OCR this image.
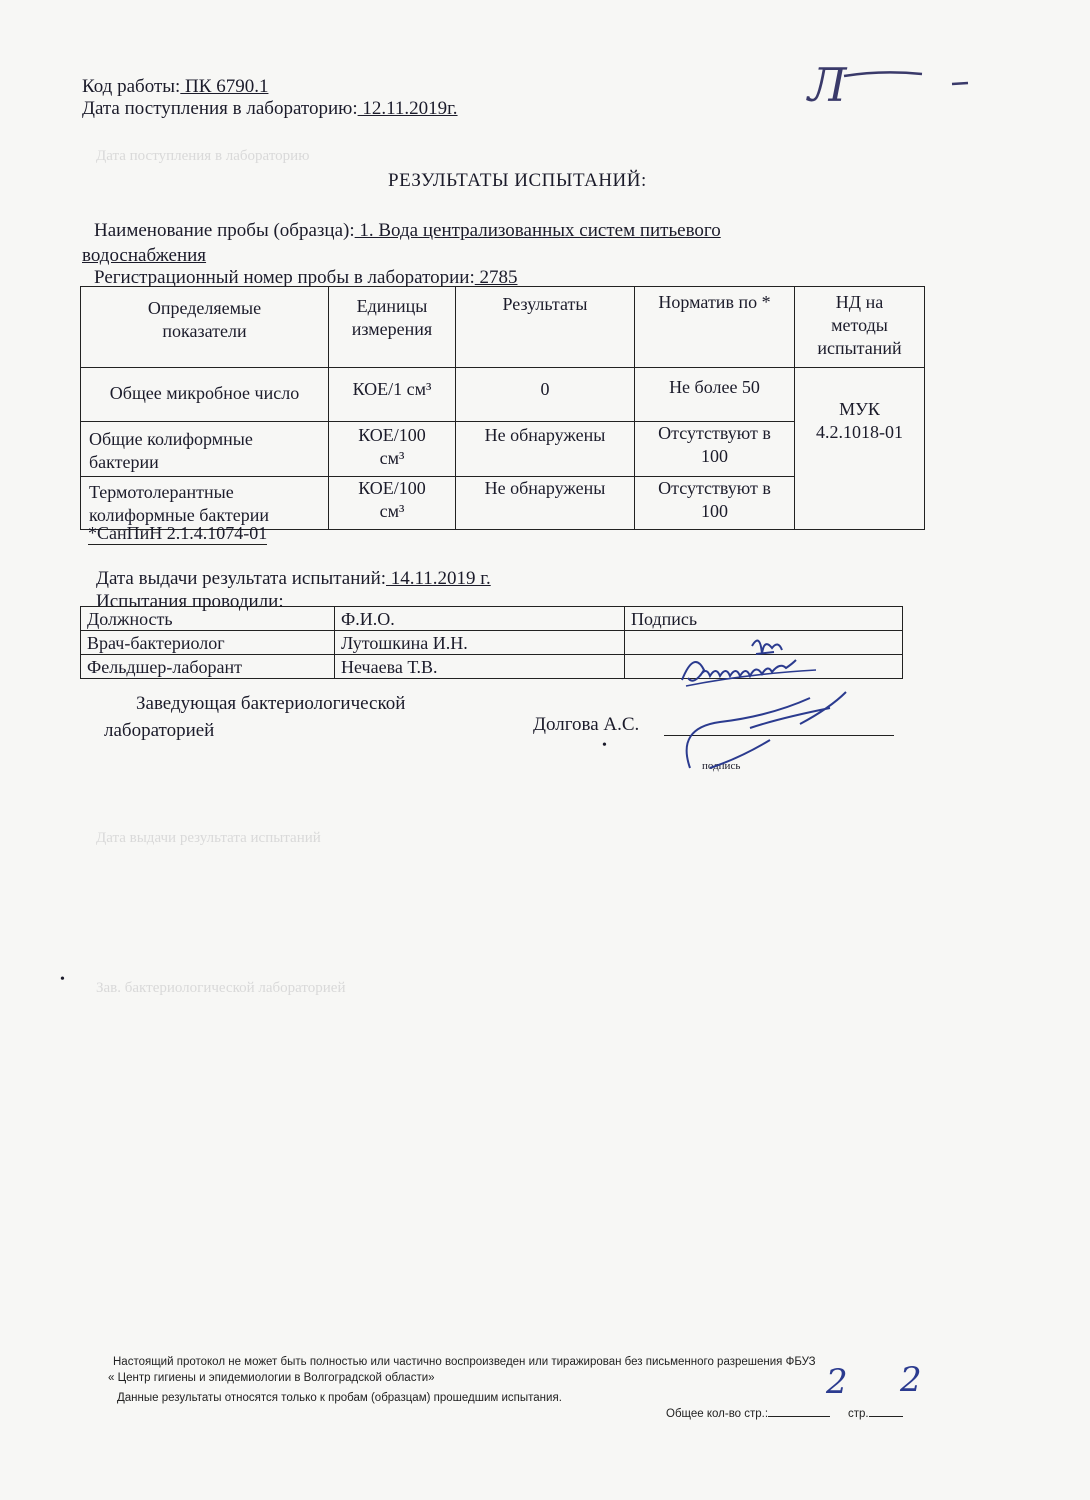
Дата поступления в лабораторию
Дата выдачи результата испытаний
Зав. бактериологической лабораторией
Л
Код работы: ПК 6790.1
Дата поступления в лабораторию: 12.11.2019г.
РЕЗУЛЬТАТЫ ИСПЫТАНИЙ:
Наименование пробы (образца): 1. Вода централизованных систем питьевого
водоснабжения
Регистрационный номер пробы в лаборатории: 2785
Определяемые показатели	Единицы измерения	Результаты	Норматив по *	НД на методы испытаний
Общее микробное число	КОЕ/1 см³	0	Не более 50	МУК 4.2.1018-01
Общие колиформные бактерии	КОЕ/100 см³	Не обнаружены	Отсутствуют в 100	
Термотолерантные колиформные бактерии	КОЕ/100 см³	Не обнаружены	Отсутствуют в 100	
*СанПиН 2.1.4.1074-01
Дата выдачи результата испытаний: 14.11.2019 г.
Испытания проводили:
Должность	Ф.И.О.	Подпись
Врач-бактериолог	Лутошкина И.Н.	
Фельдшер-лаборант	Нечаева Т.В.	
Заведующая бактериологической
лабораторией	Долгова А.С.
подпись
•
•
Настоящий протокол не может быть полностью или частично воспроизведен или тиражирован без письменного разрешения ФБУЗ
« Центр гигиены и эпидемиологии в Волгоградской области»
Данные результаты относятся только к пробам (образцам) прошедшим испытания.
Общее кол-во стр.:	стр.
2 2
